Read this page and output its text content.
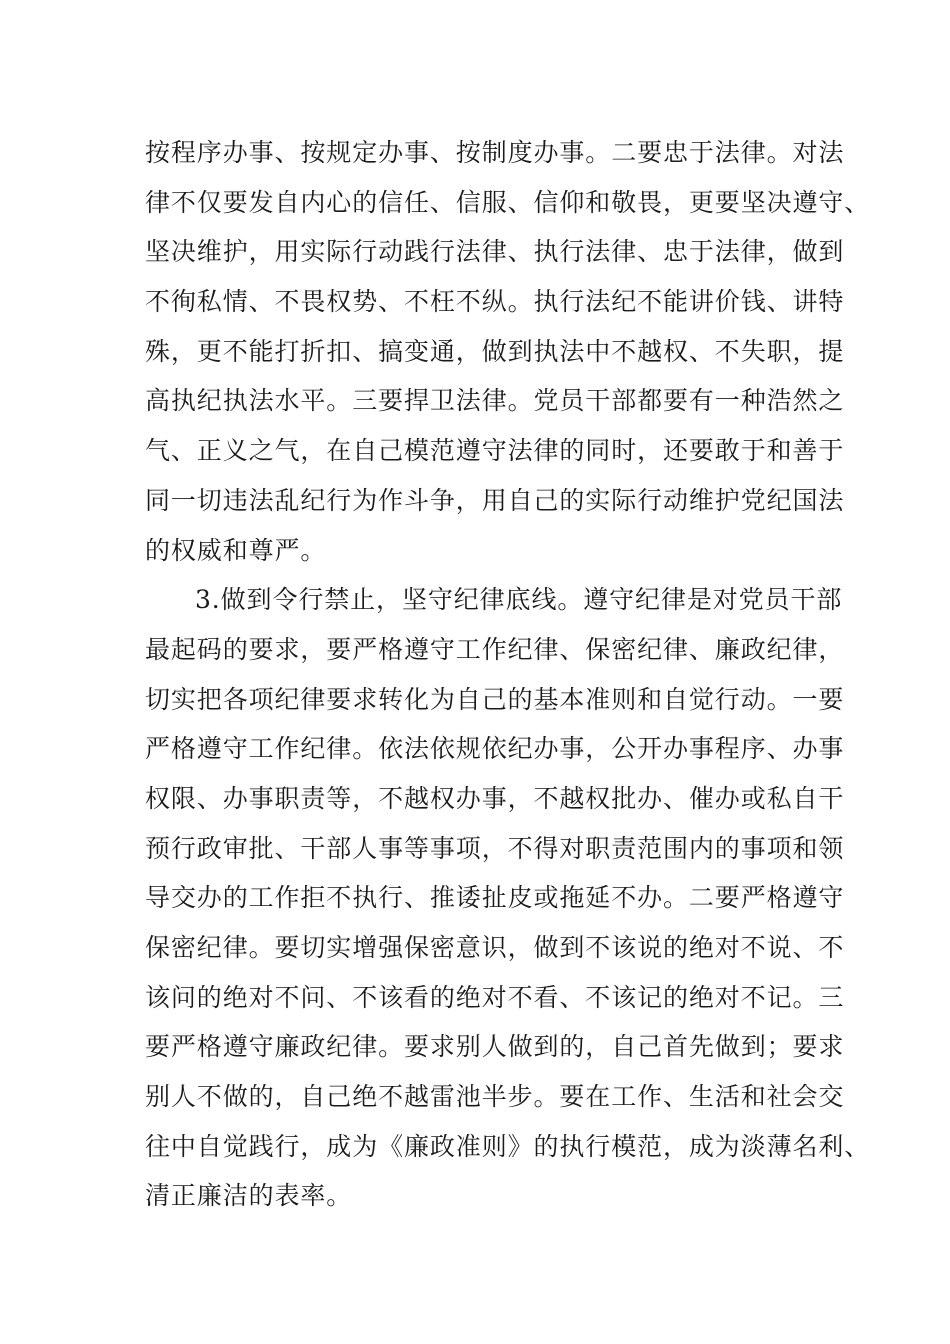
按程序办事、按规定办事、按制度办事。二要忠于法律。对法
律不仅要发自内心的信任、信服、信仰和敬畏，更要坚决遵守、
坚决维护，用实际行动践行法律、执行法律、忠于法律，做到
不徇私情、不畏权势、不枉不纵。执行法纪不能讲价钱、讲特
殊，更不能打折扣、搞变通，做到执法中不越权、不失职，提
高执纪执法水平。三要捍卫法律。党员干部都要有一种浩然之
气、正义之气，在自己模范遵守法律的同时，还要敢于和善于
同一切违法乱纪行为作斗争，用自己的实际行动维护党纪国法
的权威和尊严。
3.做到令行禁止，坚守纪律底线。遵守纪律是对党员干部
最起码的要求，要严格遵守工作纪律、保密纪律、廉政纪律，
切实把各项纪律要求转化为自己的基本准则和自觉行动。一要
严格遵守工作纪律。依法依规依纪办事，公开办事程序、办事
权限、办事职责等，不越权办事，不越权批办、催办或私自干
预行政审批、干部人事等事项，不得对职责范围内的事项和领
导交办的工作拒不执行、推诿扯皮或拖延不办。二要严格遵守
保密纪律。要切实增强保密意识，做到不该说的绝对不说、不
该问的绝对不问、不该看的绝对不看、不该记的绝对不记。三
要严格遵守廉政纪律。要求别人做到的，自己首先做到；要求
别人不做的，自己绝不越雷池半步。要在工作、生活和社会交
往中自觉践行，成为《廉政准则》的执行模范，成为淡薄名利、
清正廉洁的表率。
